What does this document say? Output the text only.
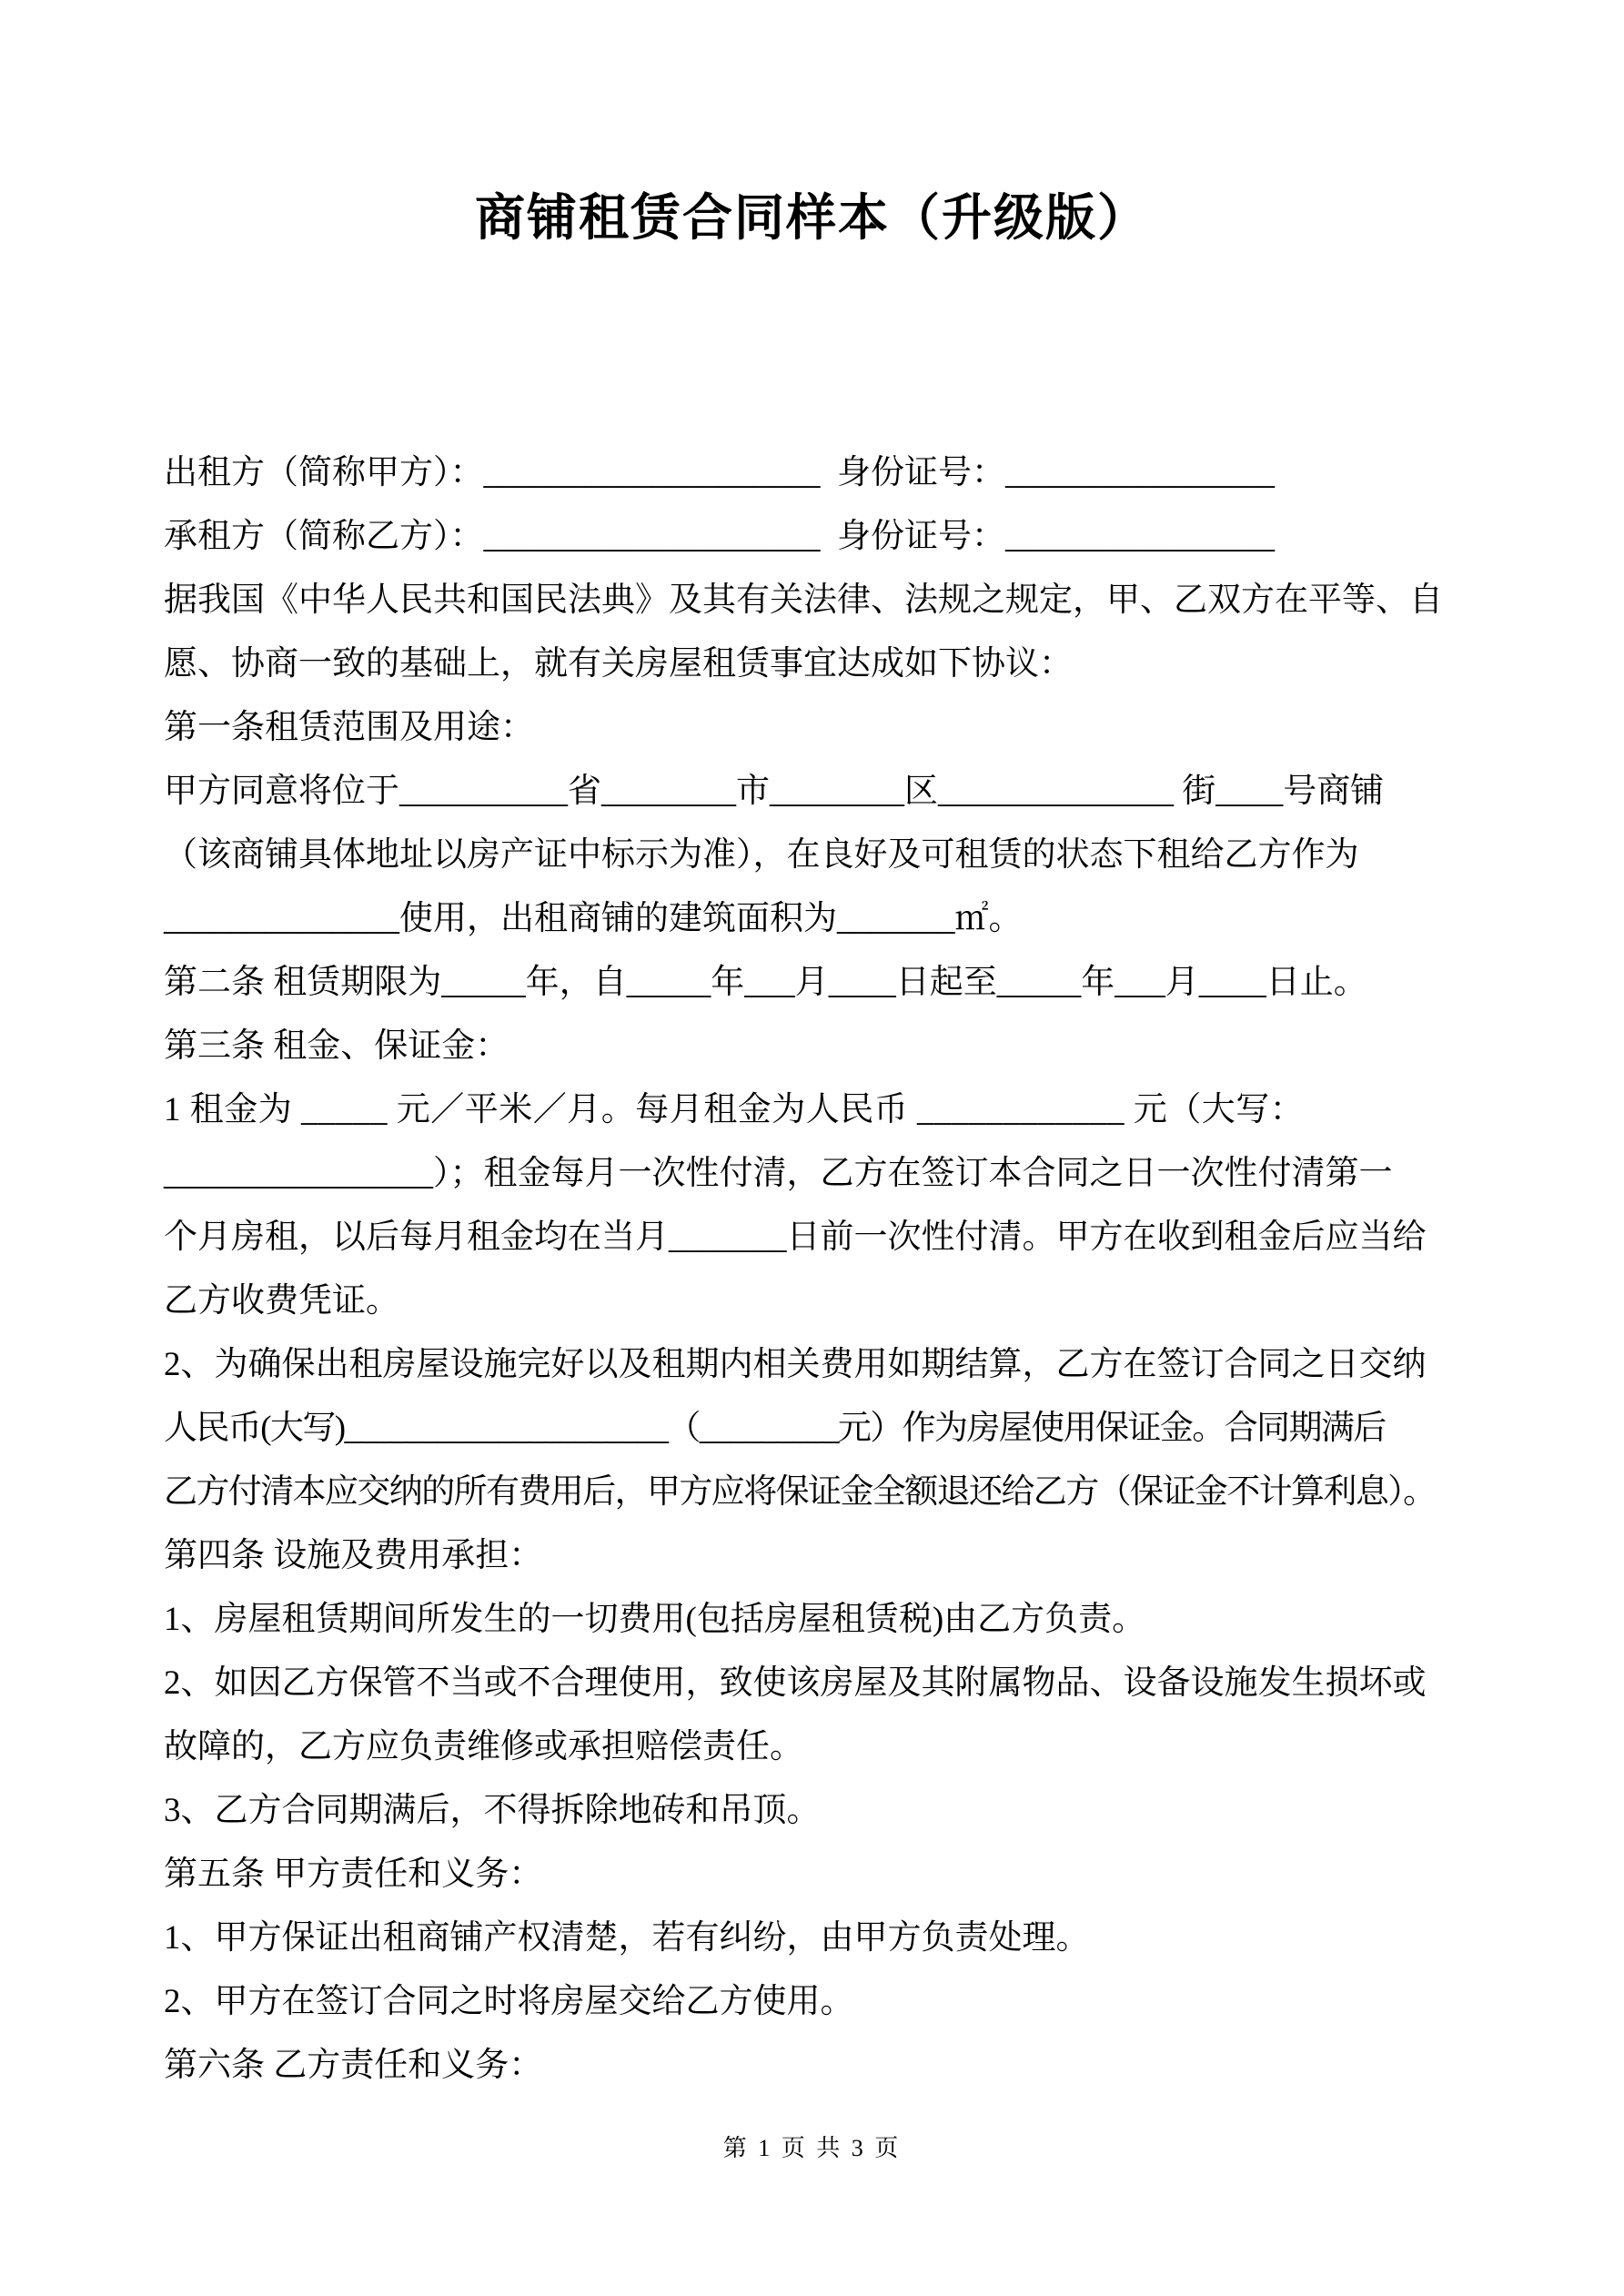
商铺租赁合同样本（升级版）

出租方（简称甲方）：____________________  身份证号：________________

承租方（简称乙方）：____________________  身份证号：________________

据我国《中华人民共和国民法典》及其有关法律、法规之规定，甲、乙双方在平等、自

愿、协商一致的基础上，就有关房屋租赁事宜达成如下协议：

第一条租赁范围及用途：

甲方同意将位于__________省________市________区______________ 街____号商铺

（该商铺具体地址以房产证中标示为准），在良好及可租赁的状态下租给乙方作为

______________使用，出租商铺的建筑面积为_______㎡。

第二条 租赁期限为_____年，自_____年___月____日起至_____年___月____日止。

第三条 租金、保证金：

1 租金为 _____ 元／平米／月。每月租金为人民币 ____________ 元（大写：

________________）；租金每月一次性付清，乙方在签订本合同之日一次性付清第一

个月房租，以后每月租金均在当月_______日前一次性付清。甲方在收到租金后应当给

乙方收费凭证。

2、为确保出租房屋设施完好以及租期内相关费用如期结算，乙方在签订合同之日交纳

人民币(大写)_____________________（_________元）作为房屋使用保证金。合同期满后

乙方付清本应交纳的所有费用后，甲方应将保证金全额退还给乙方（保证金不计算利息）。

第四条 设施及费用承担：

1、房屋租赁期间所发生的一切费用(包括房屋租赁税)由乙方负责。

2、如因乙方保管不当或不合理使用，致使该房屋及其附属物品、设备设施发生损坏或

故障的，乙方应负责维修或承担赔偿责任。

3、乙方合同期满后，不得拆除地砖和吊顶。

第五条 甲方责任和义务：

1、甲方保证出租商铺产权清楚，若有纠纷，由甲方负责处理。

2、甲方在签订合同之时将房屋交给乙方使用。

第六条 乙方责任和义务：

第 1 页 共 3 页
